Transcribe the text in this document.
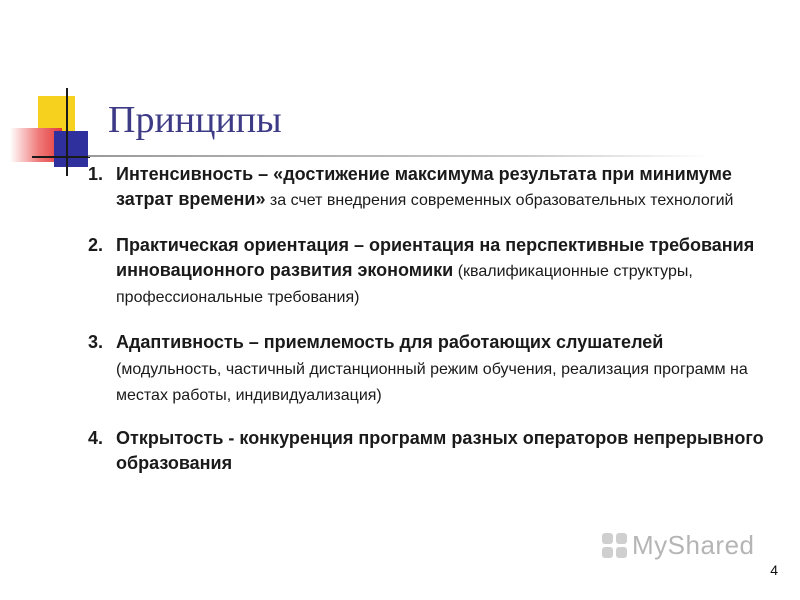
Принципы
1. Интенсивность – «достижение максимума результата при минимуме затрат времени» за счет внедрения современных образовательных технологий
2. Практическая ориентация – ориентация на перспективные требования инновационного развития экономики (квалификационные структуры, профессиональные требования)
3. Адаптивность – приемлемость для работающих слушателей (модульность, частичный дистанционный режим обучения, реализация программ на местах работы, индивидуализация)
4. Открытость - конкуренция программ разных операторов непрерывного образования
MyShared
4
